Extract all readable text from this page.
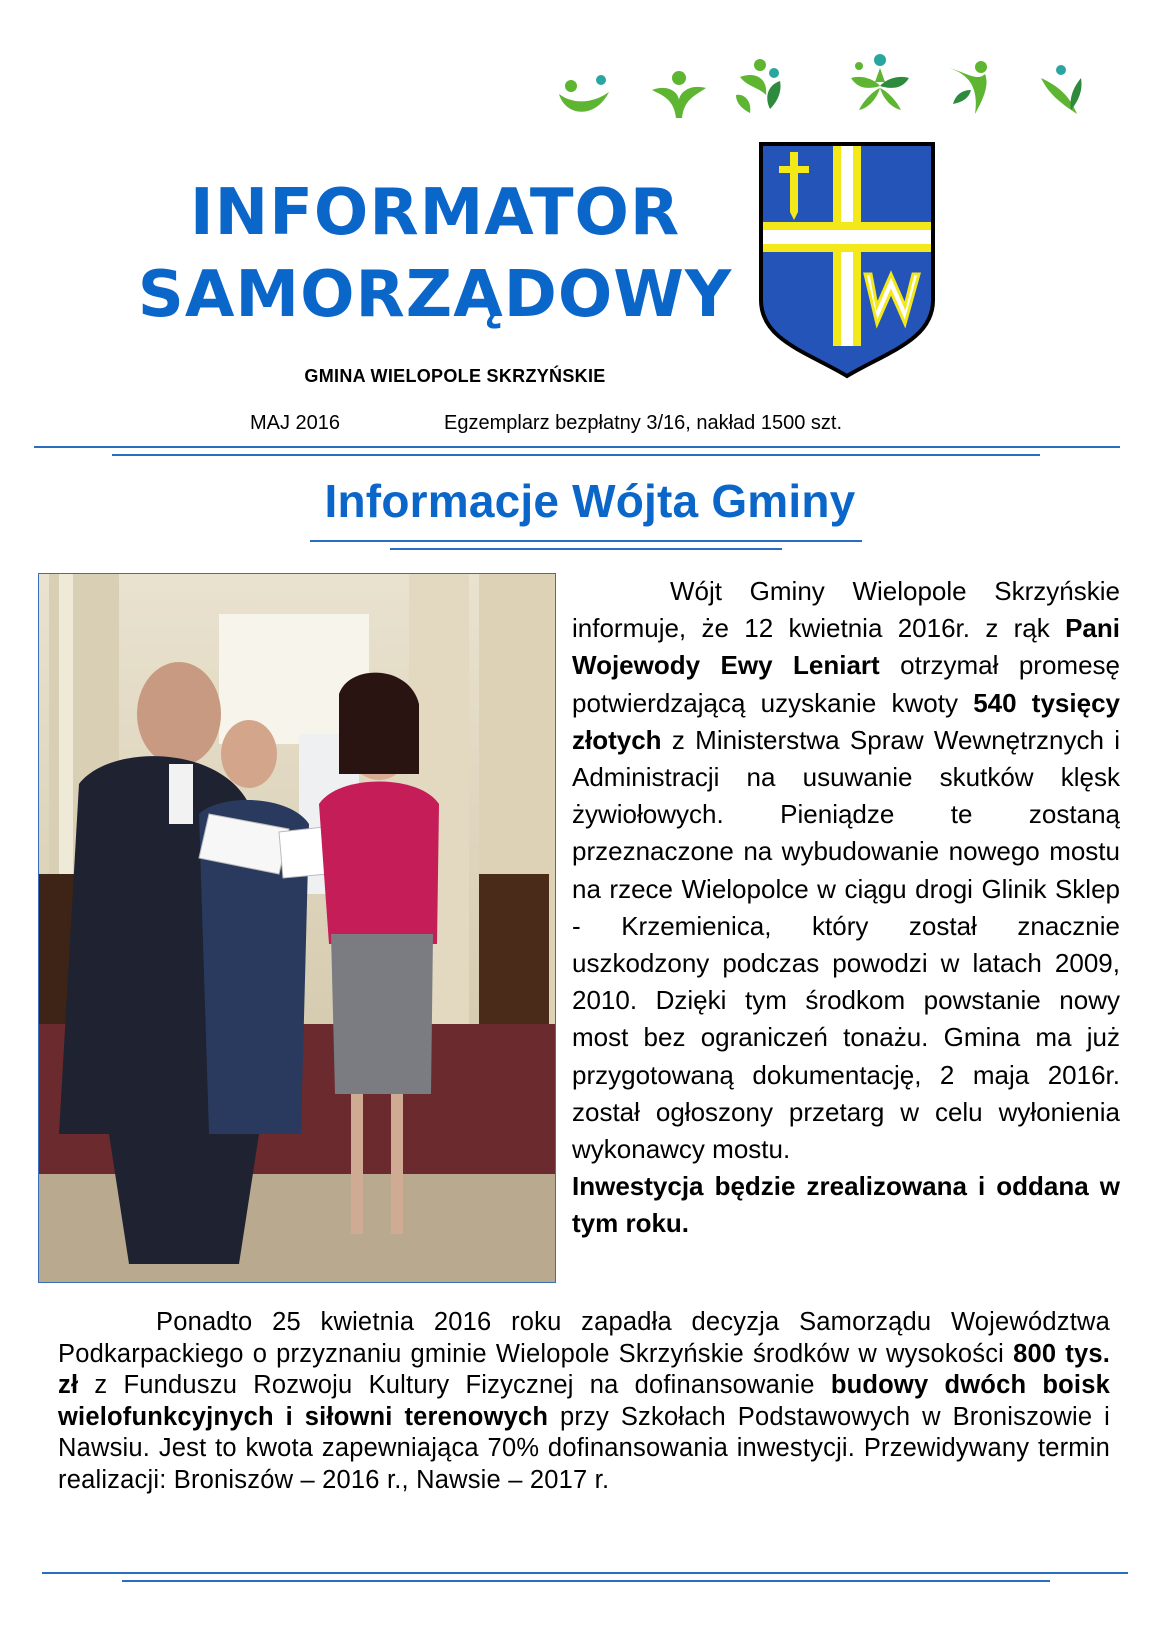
INFORMATOR
SAMORZĄDOWY
GMINA WIELOPOLE SKRZYŃSKIE
MAJ 2016	Egzemplarz bezpłatny 3/16, nakład 1500 szt.
Informacje Wójta Gminy

Wójt Gminy Wielopole Skrzyńskie informuje, że 12 kwietnia 2016r. z rąk Pani Wojewody Ewy Leniart otrzymał promesę potwierdzającą uzyskanie kwoty 540 tysięcy złotych z Ministerstwa Spraw Wewnętrznych i Administracji na usuwanie skutków klęsk żywiołowych. Pieniądze te zostaną przeznaczone na wybudowanie nowego mostu na rzece Wielopolce w ciągu drogi Glinik Sklep - Krzemienica, który został znacznie uszkodzony podczas powodzi w latach 2009, 2010. Dzięki tym środkom powstanie nowy most bez ograniczeń tonażu. Gmina ma już przygotowaną dokumentację, 2 maja 2016r. został ogłoszony przetarg w celu wyłonienia wykonawcy mostu.

Inwestycja będzie zrealizowana i oddana w tym roku.

Ponadto 25 kwietnia 2016 roku zapadła decyzja Samorządu Województwa Podkarpackiego o przyznaniu gminie Wielopole Skrzyńskie środków w wysokości 800 tys. zł z Funduszu Rozwoju Kultury Fizycznej na dofinansowanie budowy dwóch boisk wielofunkcyjnych i siłowni terenowych przy Szkołach Podstawowych w Broniszowie i Nawsiu. Jest to kwota zapewniająca 70% dofinansowania inwestycji. Przewidywany termin realizacji: Broniszów – 2016 r., Nawsie – 2017 r.
